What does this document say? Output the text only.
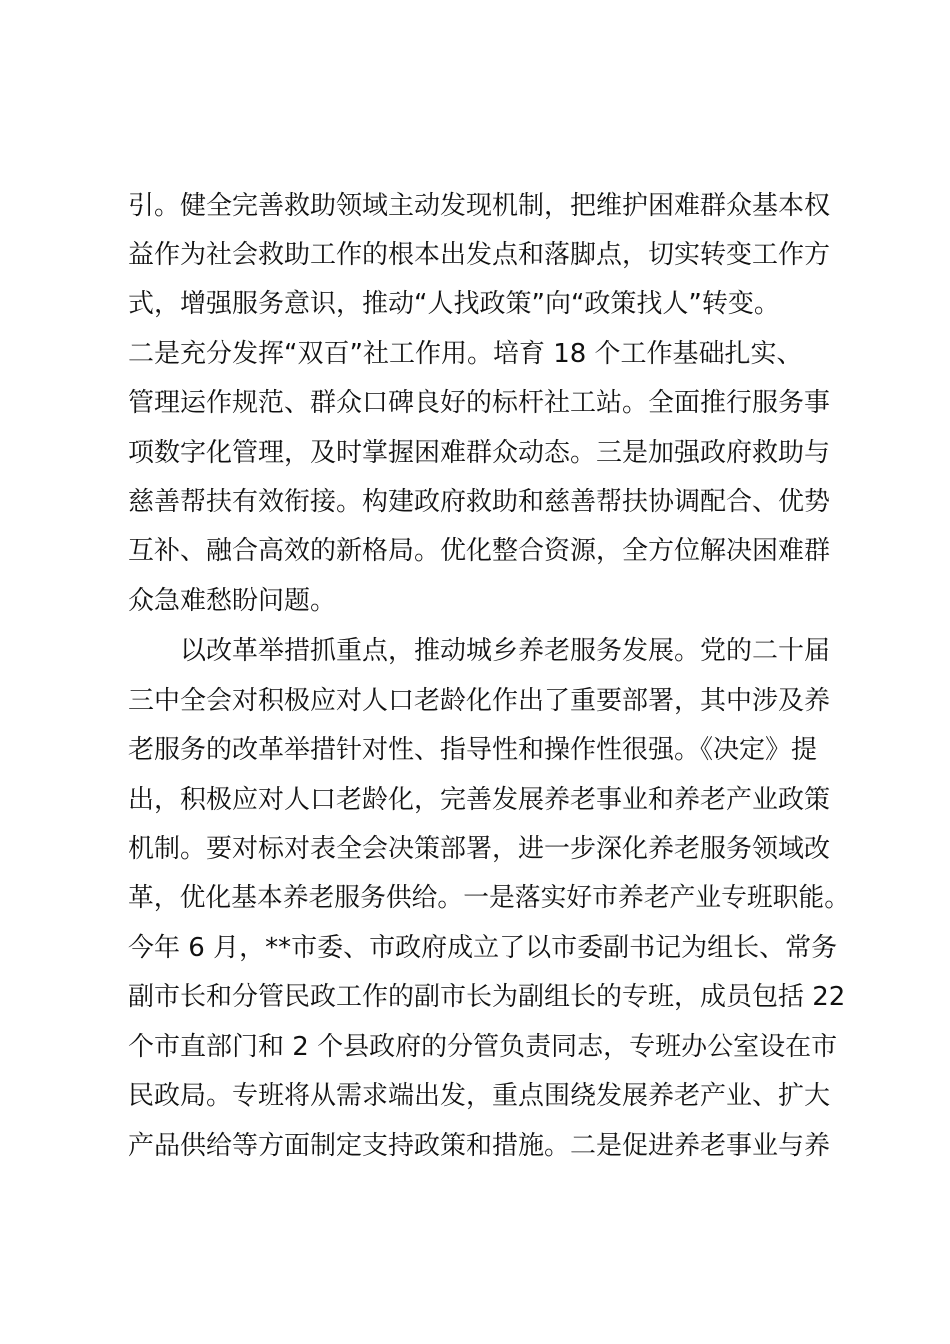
引。健全完善救助领域主动发现机制，把维护困难群众基本权
益作为社会救助工作的根本出发点和落脚点，切实转变工作方
式，增强服务意识，推动“人找政策”向“政策找人”转变。
二是充分发挥“双百”社工作用。培育 18 个工作基础扎实、
管理运作规范、群众口碑良好的标杆社工站。全面推行服务事
项数字化管理，及时掌握困难群众动态。三是加强政府救助与
慈善帮扶有效衔接。构建政府救助和慈善帮扶协调配合、优势
互补、融合高效的新格局。优化整合资源，全方位解决困难群
众急难愁盼问题。
以改革举措抓重点，推动城乡养老服务发展。党的二十届
三中全会对积极应对人口老龄化作出了重要部署，其中涉及养
老服务的改革举措针对性、指导性和操作性很强。《决定》提
出，积极应对人口老龄化，完善发展养老事业和养老产业政策
机制。要对标对表全会决策部署，进一步深化养老服务领域改
革，优化基本养老服务供给。一是落实好市养老产业专班职能。
今年 6 月，**市委、市政府成立了以市委副书记为组长、常务
副市长和分管民政工作的副市长为副组长的专班，成员包括 22
个市直部门和 2 个县政府的分管负责同志，专班办公室设在市
民政局。专班将从需求端出发，重点围绕发展养老产业、扩大
产品供给等方面制定支持政策和措施。二是促进养老事业与养
